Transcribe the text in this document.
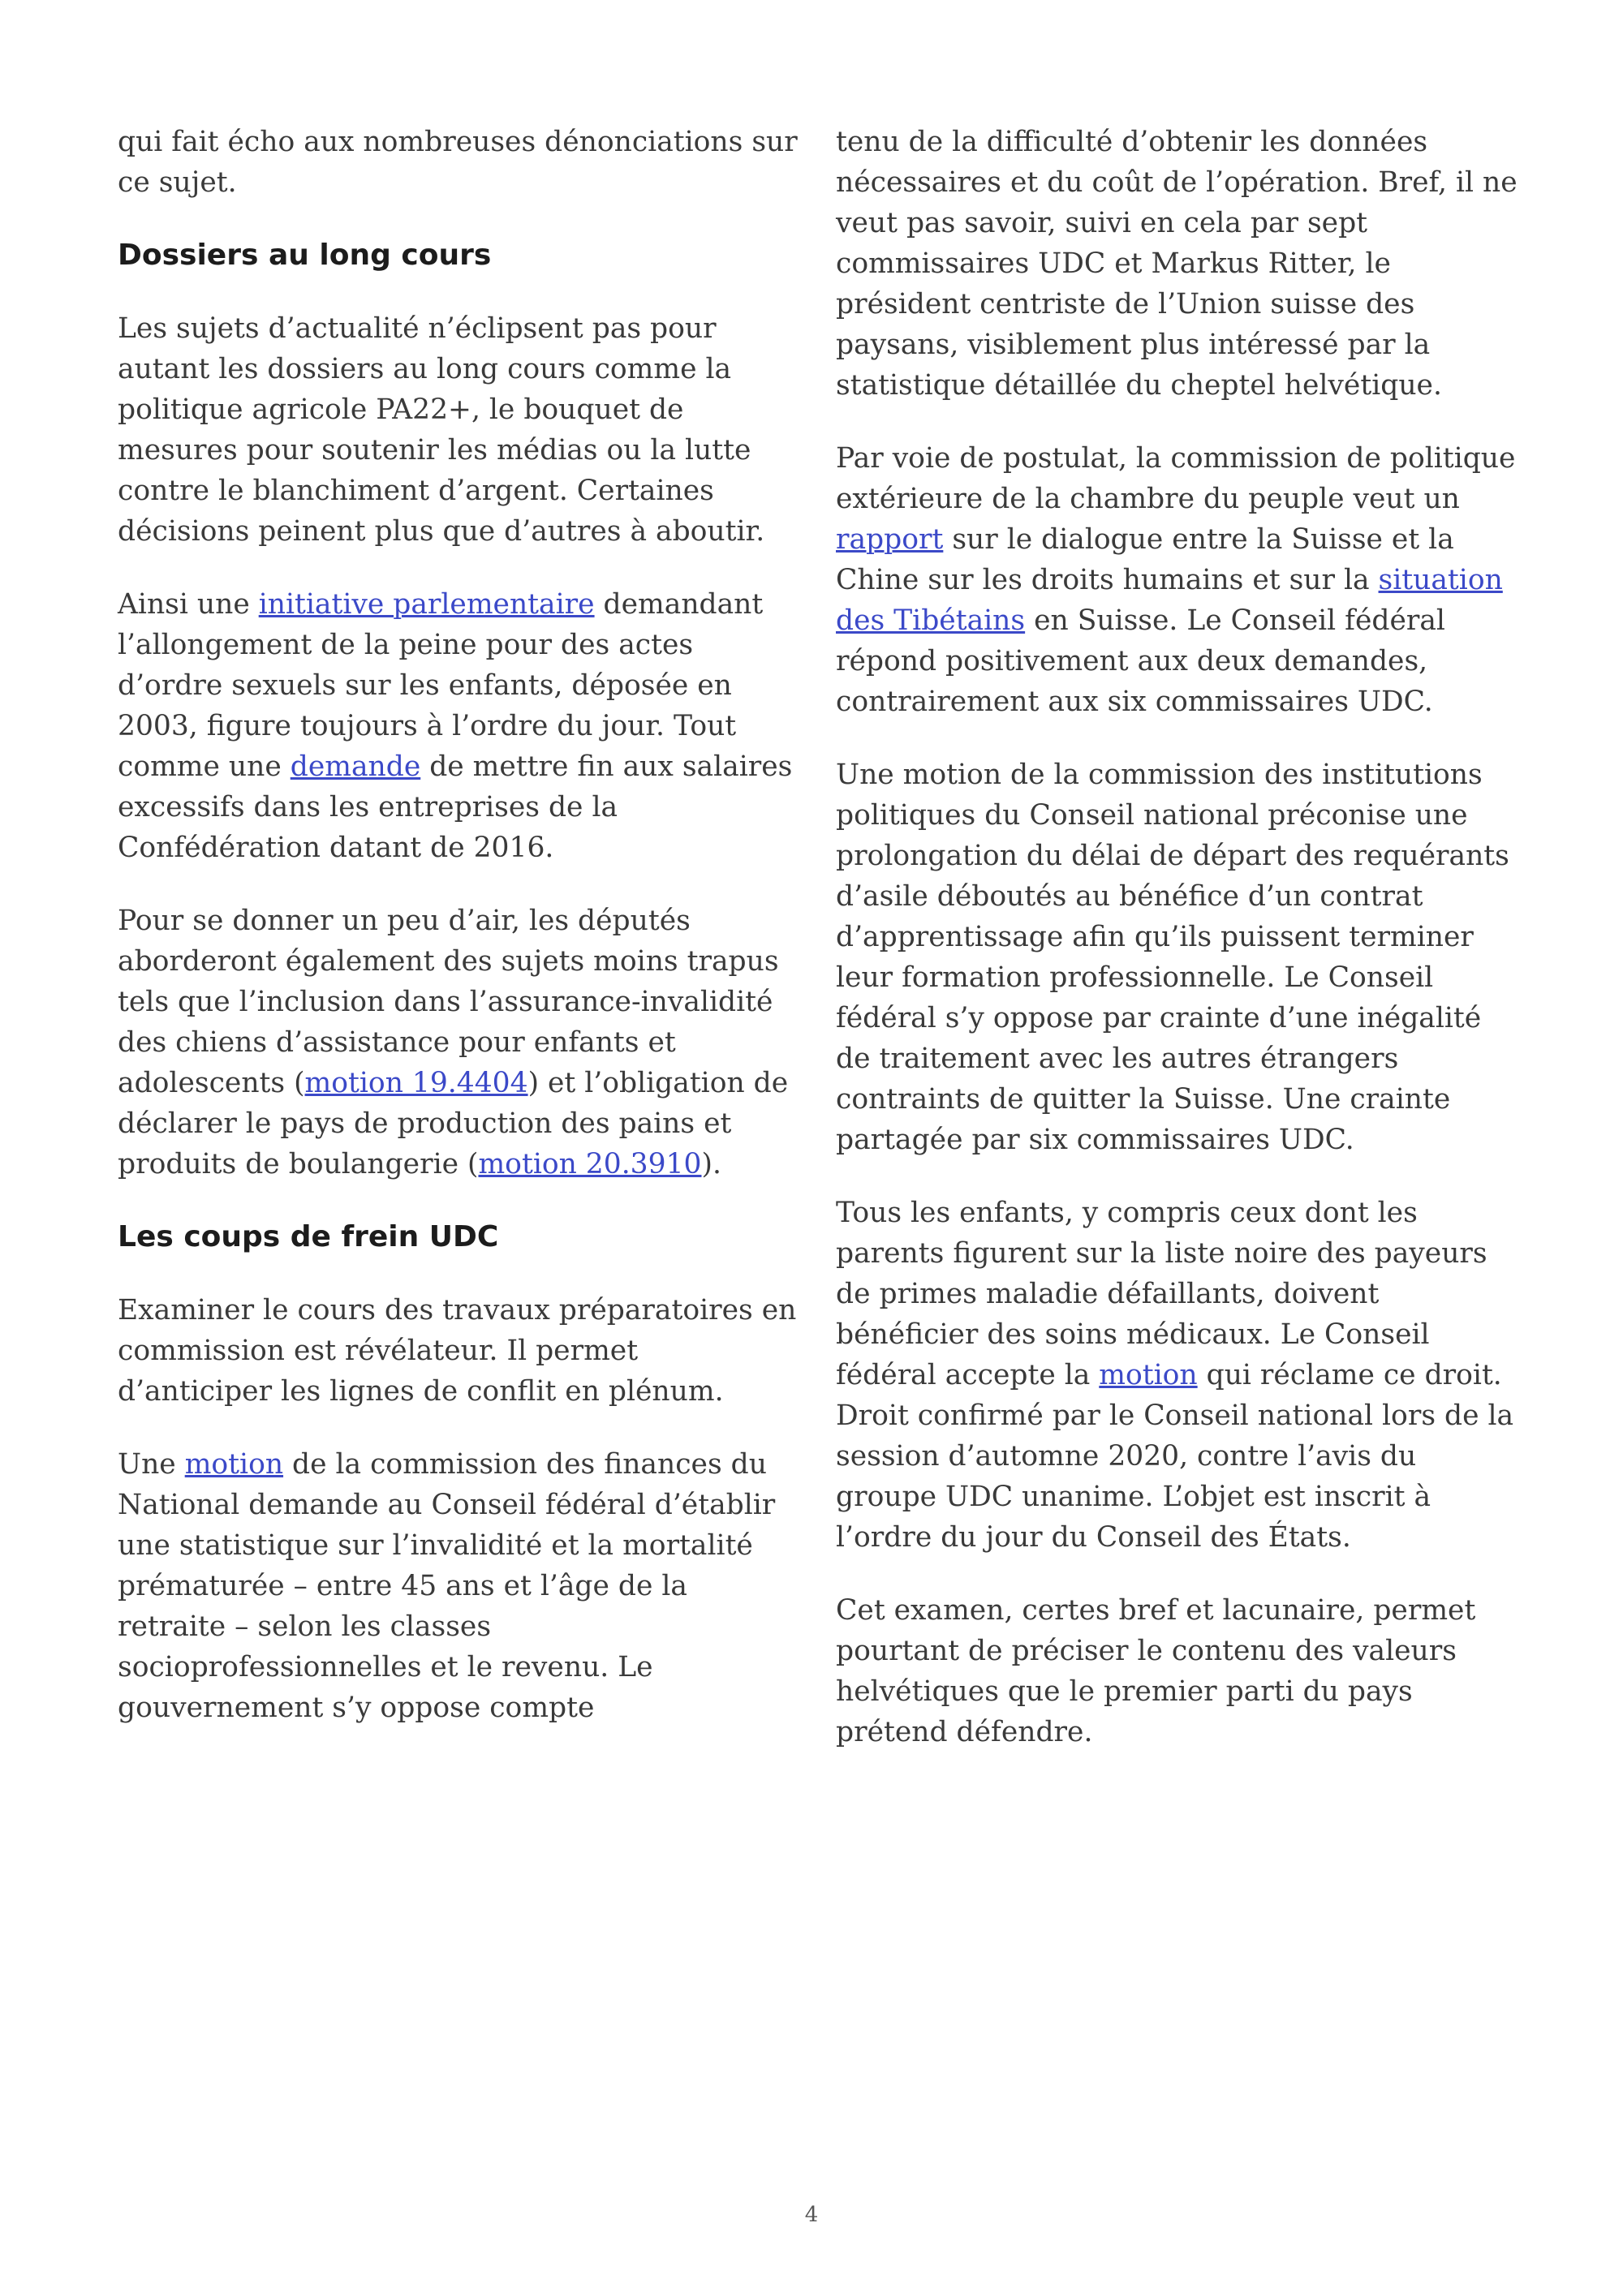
qui fait écho aux nombreuses dénonciations sur ce sujet.

Dossiers au long cours

Les sujets d’actualité n’éclipsent pas pour autant les dossiers au long cours comme la politique agricole PA22+, le bouquet de mesures pour soutenir les médias ou la lutte contre le blanchiment d’argent. Certaines décisions peinent plus que d’autres à aboutir.

Ainsi une initiative parlementaire demandant l’allongement de la peine pour des actes d’ordre sexuels sur les enfants, déposée en 2003, figure toujours à l’ordre du jour. Tout comme une demande de mettre fin aux salaires excessifs dans les entreprises de la Confédération datant de 2016.

Pour se donner un peu d’air, les députés aborderont également des sujets moins trapus tels que l’inclusion dans l’assurance-invalidité des chiens d’assistance pour enfants et adolescents (motion 19.4404) et l’obligation de déclarer le pays de production des pains et produits de boulangerie (motion 20.3910).

Les coups de frein UDC

Examiner le cours des travaux préparatoires en commission est révélateur. Il permet d’anticiper les lignes de conflit en plénum.

Une motion de la commission des finances du National demande au Conseil fédéral d’établir une statistique sur l’invalidité et la mortalité prématurée – entre 45 ans et l’âge de la retraite – selon les classes socioprofessionnelles et le revenu. Le gouvernement s’y oppose compte

tenu de la difficulté d’obtenir les données nécessaires et du coût de l’opération. Bref, il ne veut pas savoir, suivi en cela par sept commissaires UDC et Markus Ritter, le président centriste de l’Union suisse des paysans, visiblement plus intéressé par la statistique détaillée du cheptel helvétique.

Par voie de postulat, la commission de politique extérieure de la chambre du peuple veut un rapport sur le dialogue entre la Suisse et la Chine sur les droits humains et sur la situation des Tibétains en Suisse. Le Conseil fédéral répond positivement aux deux demandes, contrairement aux six commissaires UDC.

Une motion de la commission des institutions politiques du Conseil national préconise une prolongation du délai de départ des requérants d’asile déboutés au bénéfice d’un contrat d’apprentissage afin qu’ils puissent terminer leur formation professionnelle. Le Conseil fédéral s’y oppose par crainte d’une inégalité de traitement avec les autres étrangers contraints de quitter la Suisse. Une crainte partagée par six commissaires UDC.

Tous les enfants, y compris ceux dont les parents figurent sur la liste noire des payeurs de primes maladie défaillants, doivent bénéficier des soins médicaux. Le Conseil fédéral accepte la motion qui réclame ce droit. Droit confirmé par le Conseil national lors de la session d’automne 2020, contre l’avis du groupe UDC unanime. L’objet est inscrit à l’ordre du jour du Conseil des États.

Cet examen, certes bref et lacunaire, permet pourtant de préciser le contenu des valeurs helvétiques que le premier parti du pays prétend défendre.

4
